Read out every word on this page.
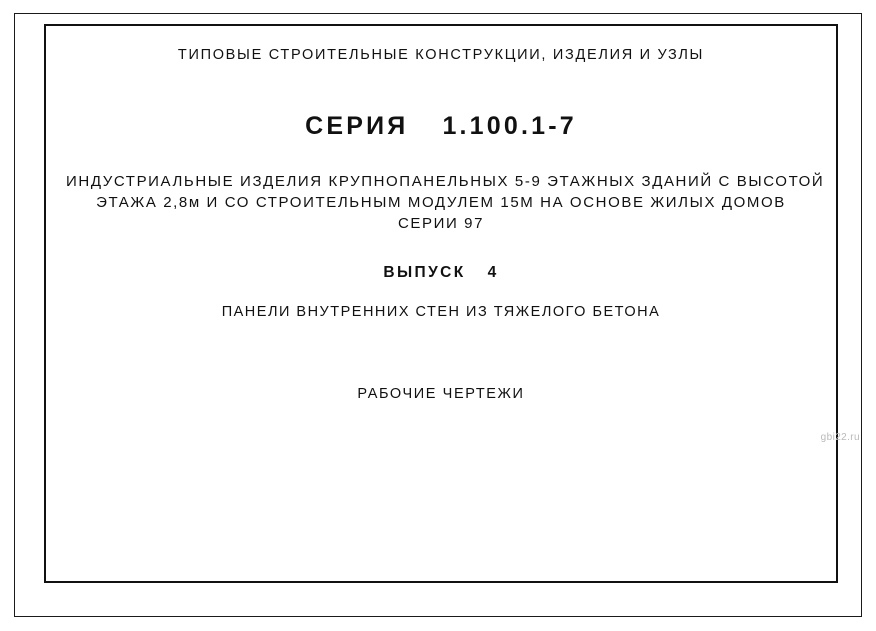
ТИПОВЫЕ СТРОИТЕЛЬНЫЕ КОНСТРУКЦИИ, ИЗДЕЛИЯ И УЗЛЫ
СЕРИЯ 1.100.1-7
ИНДУСТРИАЛЬНЫЕ ИЗДЕЛИЯ КРУПНОПАНЕЛЬНЫХ 5-9 ЭТАЖНЫХ ЗДАНИЙ С ВЫСОТОЙ
ЭТАЖА 2,8м И СО СТРОИТЕЛЬНЫМ МОДУЛЕМ 15М НА ОСНОВЕ ЖИЛЫХ ДОМОВ
СЕРИИ 97
ВЫПУСК 4
ПАНЕЛИ ВНУТРЕННИХ СТЕН ИЗ ТЯЖЕЛОГО БЕТОНА
РАБОЧИЕ ЧЕРТЕЖИ
gbi22.ru
